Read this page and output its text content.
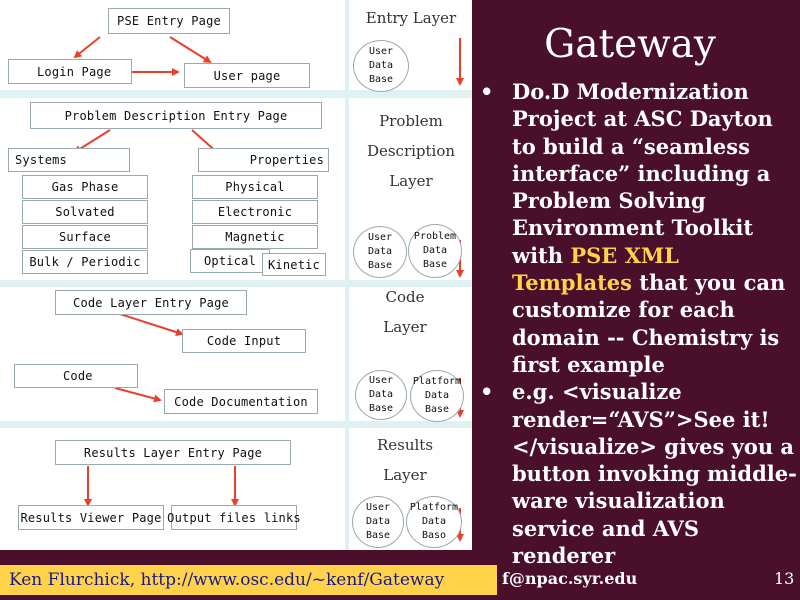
PSE Entry Page
Login Page	User page
Entry Layer
User
Data
Base
Problem Description Entry Page
Systems	Properties
Gas Phase
Solvated
Surface
Bulk / Periodic
Physical
Electronic
Magnetic
Optical	Kinetic
Problem
Description
Layer
User
Data
Base
Problem
Data
Base
Code Layer Entry Page
Code Input
Code
Code Documentation
Code
Layer
User
Data
Base
Platform
Data
Base
Results Layer Entry Page
Results Viewer Page Output files links
Results
Layer
User
Data
Base
Platform
Data
Baso
Gateway
• Do.D Modernization Project at ASC Dayton to build a “seamless interface” including a Problem Solving Environment Toolkit with PSE XML Templates that you can customize for each domain -- Chemistry is first example
• e.g. <visualize render=“AVS”>See it!</visualize> gives you a button invoking middle-ware visualization service and AVS renderer
Ken Flurchick, http://www.osc.edu/~kenf/Gateway	f@npac.syr.edu	13
